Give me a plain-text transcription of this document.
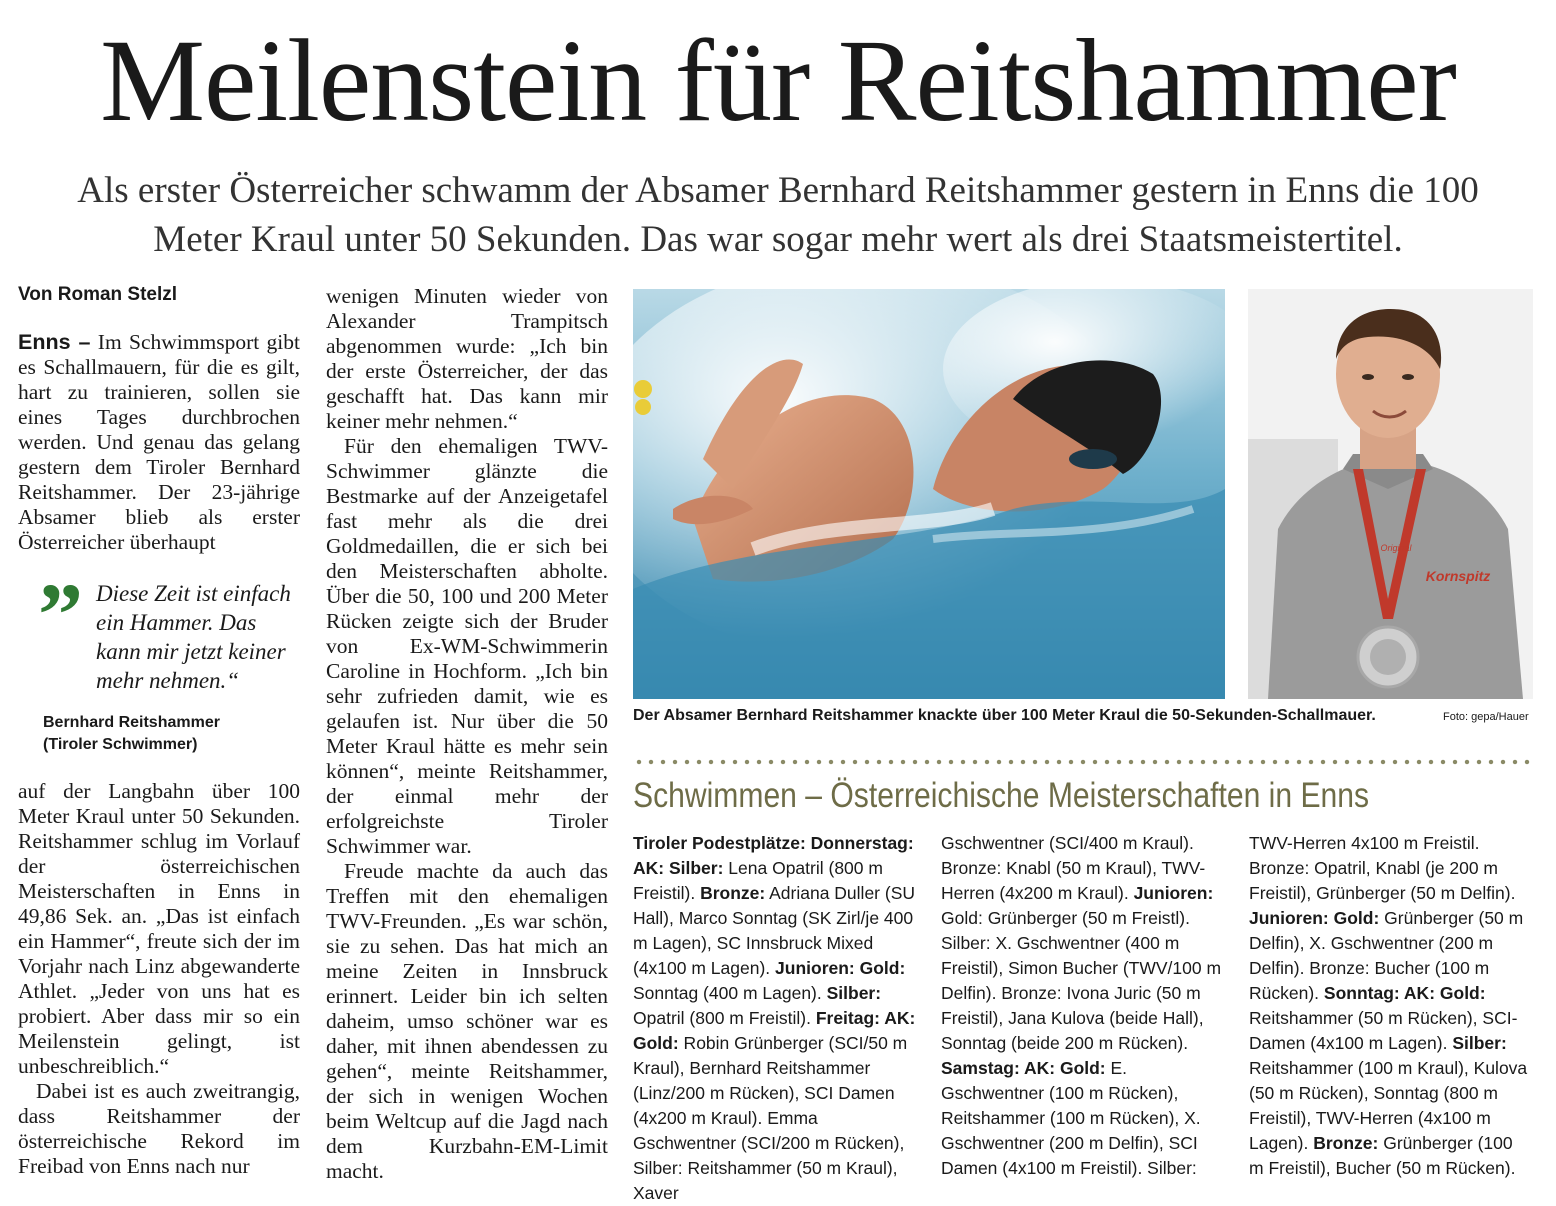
Meilenstein für Reitshammer
Als erster Österreicher schwamm der Absamer Bernhard Reitshammer gestern in Enns die 100 Meter Kraul unter 50 Sekunden. Das war sogar mehr wert als drei Staatsmeistertitel.
Von Roman Stelzl

Enns – Im Schwimmsport gibt es Schallmauern, für die es gilt, hart zu trainieren, sollen sie eines Tages durchbrochen werden. Und genau das gelang gestern dem Tiroler Bernhard Reitshammer. Der 23-jährige Absamer blieb als erster Österreicher überhaupt

” Diese Zeit ist einfach ein Hammer. Das kann mir jetzt keiner mehr nehmen.“
Bernhard Reitshammer
(Tiroler Schwimmer)

auf der Langbahn über 100 Meter Kraul unter 50 Sekunden. Reitshammer schlug im Vorlauf der österreichischen Meisterschaften in Enns in 49,86 Sek. an. „Das ist einfach ein Hammer“, freute sich der im Vorjahr nach Linz abgewanderte Athlet. „Jeder von uns hat es probiert. Aber dass mir so ein Meilenstein gelingt, ist unbeschreiblich.“

Dabei ist es auch zweitrangig, dass Reitshammer der österreichische Rekord im Freibad von Enns nach nur

wenigen Minuten wieder von Alexander Trampitsch abgenommen wurde: „Ich bin der erste Österreicher, der das geschafft hat. Das kann mir keiner mehr nehmen.“

Für den ehemaligen TWV-Schwimmer glänzte die Bestmarke auf der Anzeigetafel fast mehr als die drei Goldmedaillen, die er sich bei den Meisterschaften abholte. Über die 50, 100 und 200 Meter Rücken zeigte sich der Bruder von Ex-WM-Schwimmerin Caroline in Hochform. „Ich bin sehr zufrieden damit, wie es gelaufen ist. Nur über die 50 Meter Kraul hätte es mehr sein können“, meinte Reitshammer, der einmal mehr der erfolgreichste Tiroler Schwimmer war.

Freude machte da auch das Treffen mit den ehemaligen TWV-Freunden. „Es war schön, sie zu sehen. Das hat mich an meine Zeiten in Innsbruck erinnert. Leider bin ich selten daheim, umso schöner war es daher, mit ihnen abendessen zu gehen“, meinte Reitshammer, der sich in wenigen Wochen beim Weltcup auf die Jagd nach dem Kurzbahn-EM-Limit macht.

Original
Kornspitz
Der Absamer Bernhard Reitshammer knackte über 100 Meter Kraul die 50-Sekunden-Schallmauer.	Foto: gepa/Hauer
Schwimmen – Österreichische Meisterschaften in Enns
Tiroler Podestplätze: Donnerstag: AK: Silber: Lena Opatril (800 m Freistil). Bronze: Adriana Duller (SU Hall), Marco Sonntag (SK Zirl/je 400 m Lagen), SC Innsbruck Mixed (4x100 m Lagen). Junioren: Gold: Sonntag (400 m Lagen). Silber: Opatril (800 m Freistil). Freitag: AK: Gold: Robin Grünberger (SCI/50 m Kraul), Bernhard Reitshammer (Linz/200 m Rücken), SCI Damen (4x200 m Kraul). Emma Gschwentner (SCI/200 m Rücken), Silber: Reitshammer (50 m Kraul), Xaver
Gschwentner (SCI/400 m Kraul). Bronze: Knabl (50 m Kraul), TWV-Herren (4x200 m Kraul). Junioren: Gold: Grünberger (50 m Freistl). Silber: X. Gschwentner (400 m Freistil), Simon Bucher (TWV/100 m Delfin). Bronze: Ivona Juric (50 m Freistil), Jana Kulova (beide Hall), Sonntag (beide 200 m Rücken). Samstag: AK: Gold: E. Gschwentner (100 m Rücken), Reitshammer (100 m Rücken), X. Gschwentner (200 m Delfin), SCI Damen (4x100 m Freistil). Silber:
TWV-Herren 4x100 m Freistil. Bronze: Opatril, Knabl (je 200 m Freistil), Grünberger (50 m Delfin). Junioren: Gold: Grünberger (50 m Delfin), X. Gschwentner (200 m Delfin). Bronze: Bucher (100 m Rücken). Sonntag: AK: Gold: Reitshammer (50 m Rücken), SCI-Damen (4x100 m Lagen). Silber: Reitshammer (100 m Kraul), Kulova (50 m Rücken), Sonntag (800 m Freistil), TWV-Herren (4x100 m Lagen). Bronze: Grünberger (100 m Freistil), Bucher (50 m Rücken).
